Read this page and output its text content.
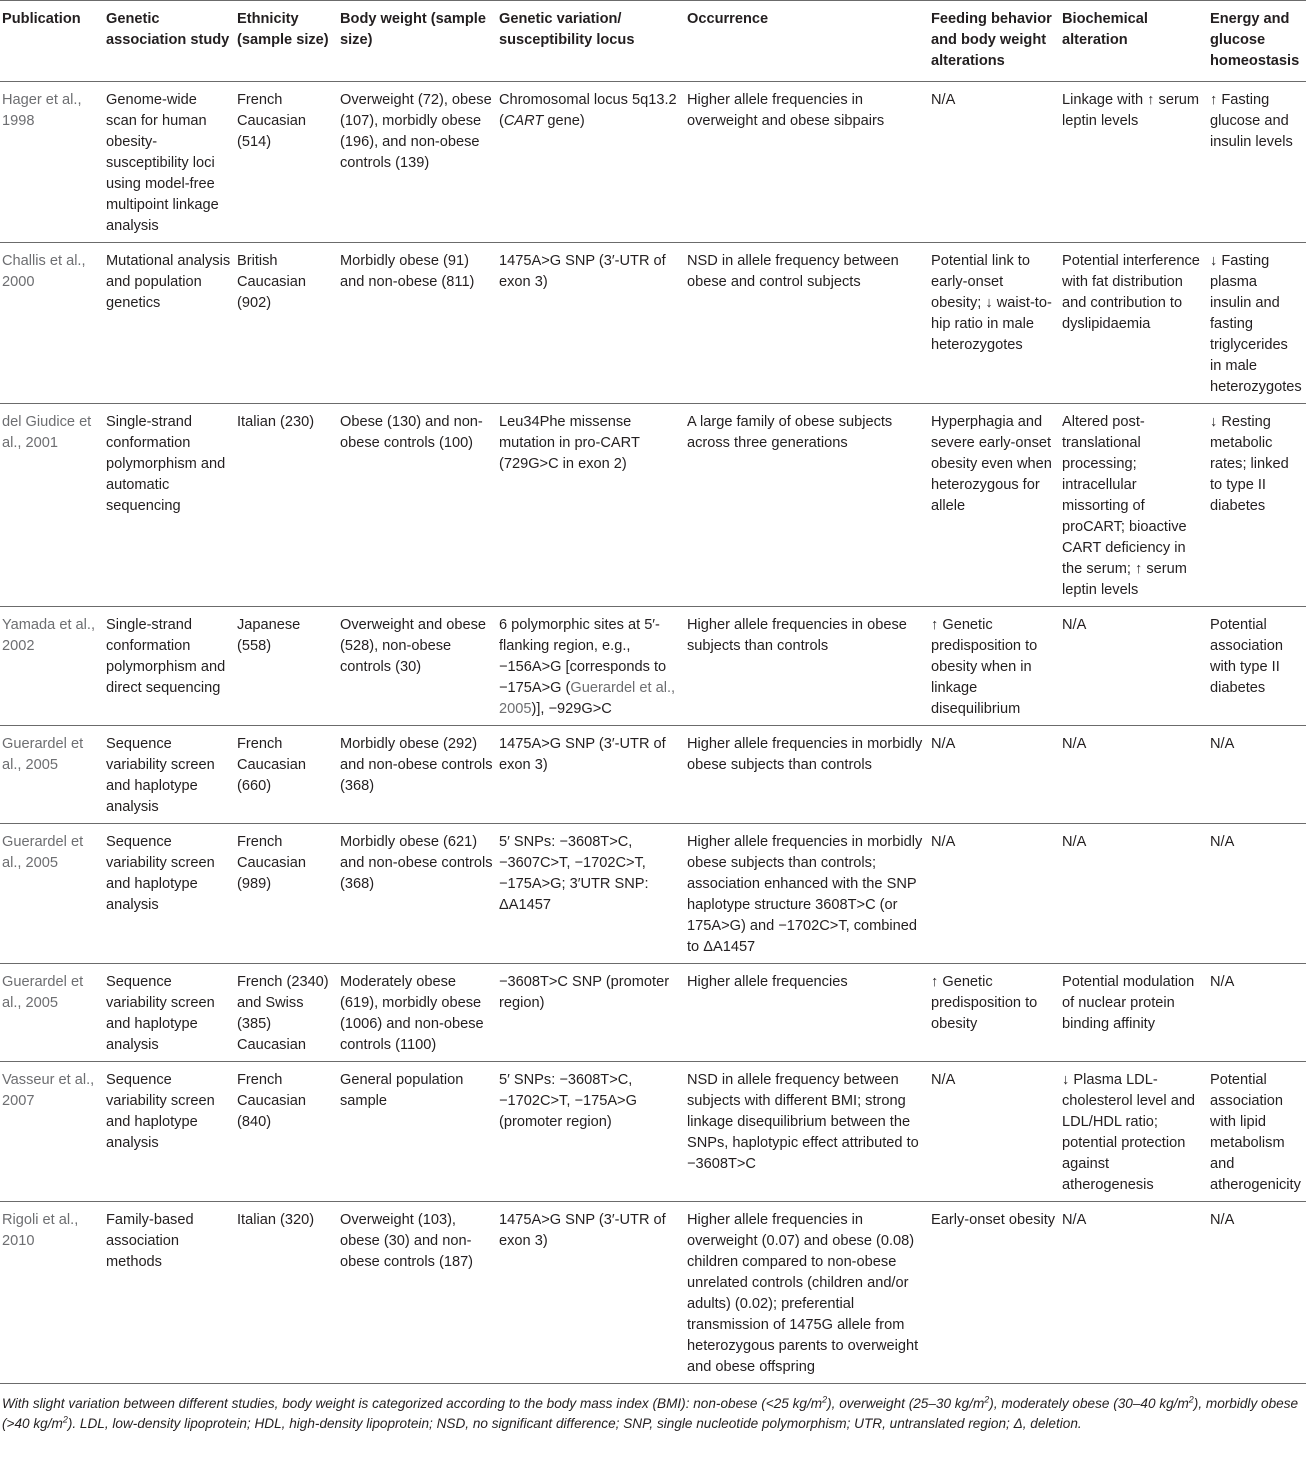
Publication	Genetic association study	Ethnicity (sample size)	Body weight (sample size)	Genetic variation/ susceptibility locus	Occurrence	Feeding behavior and body weight alterations	Biochemical alteration	Energy and glucose homeostasis
Hager et al., 1998	Genome-wide scan for human obesity-susceptibility loci using model-free multipoint linkage analysis	French Caucasian (514)	Overweight (72), obese (107), morbidly obese (196), and non-obese controls (139)	Chromosomal locus 5q13.2 (CART gene)	Higher allele frequencies in overweight and obese sibpairs	N/A	Linkage with ↑ serum leptin levels	↑ Fasting glucose and insulin levels
Challis et al., 2000	Mutational analysis and population genetics	British Caucasian (902)	Morbidly obese (91) and non-obese (811)	1475A>G SNP (3′-UTR of exon 3)	NSD in allele frequency between obese and control subjects	Potential link to early-onset obesity; ↓ waist-to-hip ratio in male heterozygotes	Potential interference with fat distribution and contribution to dyslipidaemia	↓ Fasting plasma insulin and fasting triglycerides in male heterozygotes
del Giudice et al., 2001	Single-strand conformation polymorphism and automatic sequencing	Italian (230)	Obese (130) and non-obese controls (100)	Leu34Phe missense mutation in pro-CART (729G>C in exon 2)	A large family of obese subjects across three generations	Hyperphagia and severe early-onset obesity even when heterozygous for allele	Altered post-translational processing; intracellular missorting of proCART; bioactive CART deficiency in the serum; ↑ serum leptin levels	↓ Resting metabolic rates; linked to type II diabetes
Yamada et al., 2002	Single-strand conformation polymorphism and direct sequencing	Japanese (558)	Overweight and obese (528), non-obese controls (30)	6 polymorphic sites at 5′-flanking region, e.g., −156A>G [corresponds to −175A>G (Guerardel et al., 2005)], −929G>C	Higher allele frequencies in obese subjects than controls	↑ Genetic predisposition to obesity when in linkage disequilibrium	N/A	Potential association with type II diabetes
Guerardel et al., 2005	Sequence variability screen and haplotype analysis	French Caucasian (660)	Morbidly obese (292) and non-obese controls (368)	1475A>G SNP (3′-UTR of exon 3)	Higher allele frequencies in morbidly obese subjects than controls	N/A	N/A	N/A
Guerardel et al., 2005	Sequence variability screen and haplotype analysis	French Caucasian (989)	Morbidly obese (621) and non-obese controls (368)	5′ SNPs: −3608T>C, −3607C>T, −1702C>T, −175A>G; 3′UTR SNP: ΔA1457	Higher allele frequencies in morbidly obese subjects than controls; association enhanced with the SNP haplotype structure 3608T>C (or 175A>G) and −1702C>T, combined to ΔA1457	N/A	N/A	N/A
Guerardel et al., 2005	Sequence variability screen and haplotype analysis	French (2340) and Swiss (385) Caucasian	Moderately obese (619), morbidly obese (1006) and non-obese controls (1100)	−3608T>C SNP (promoter region)	Higher allele frequencies	↑ Genetic predisposition to obesity	Potential modulation of nuclear protein binding affinity	N/A
Vasseur et al., 2007	Sequence variability screen and haplotype analysis	French Caucasian (840)	General population sample	5′ SNPs: −3608T>C, −1702C>T, −175A>G (promoter region)	NSD in allele frequency between subjects with different BMI; strong linkage disequilibrium between the SNPs, haplotypic effect attributed to −3608T>C	N/A	↓ Plasma LDL-cholesterol level and LDL/HDL ratio; potential protection against atherogenesis	Potential association with lipid metabolism and atherogenicity
Rigoli et al., 2010	Family-based association methods	Italian (320)	Overweight (103), obese (30) and non-obese controls (187)	1475A>G SNP (3′-UTR of exon 3)	Higher allele frequencies in overweight (0.07) and obese (0.08) children compared to non-obese unrelated controls (children and/or adults) (0.02); preferential transmission of 1475G allele from heterozygous parents to overweight and obese offspring	Early-onset obesity	N/A	N/A
With slight variation between different studies, body weight is categorized according to the body mass index (BMI): non-obese (<25 $kg/m^2$), overweight (25–30 $kg/m^2$), moderately obese (30–40 $kg/m^2$), morbidly obese (>40 $kg/m^2$). LDL, low-density lipoprotein; HDL, high-density lipoprotein; NSD, no significant difference; SNP, single nucleotide polymorphism; UTR, untranslated region; Δ, deletion.
